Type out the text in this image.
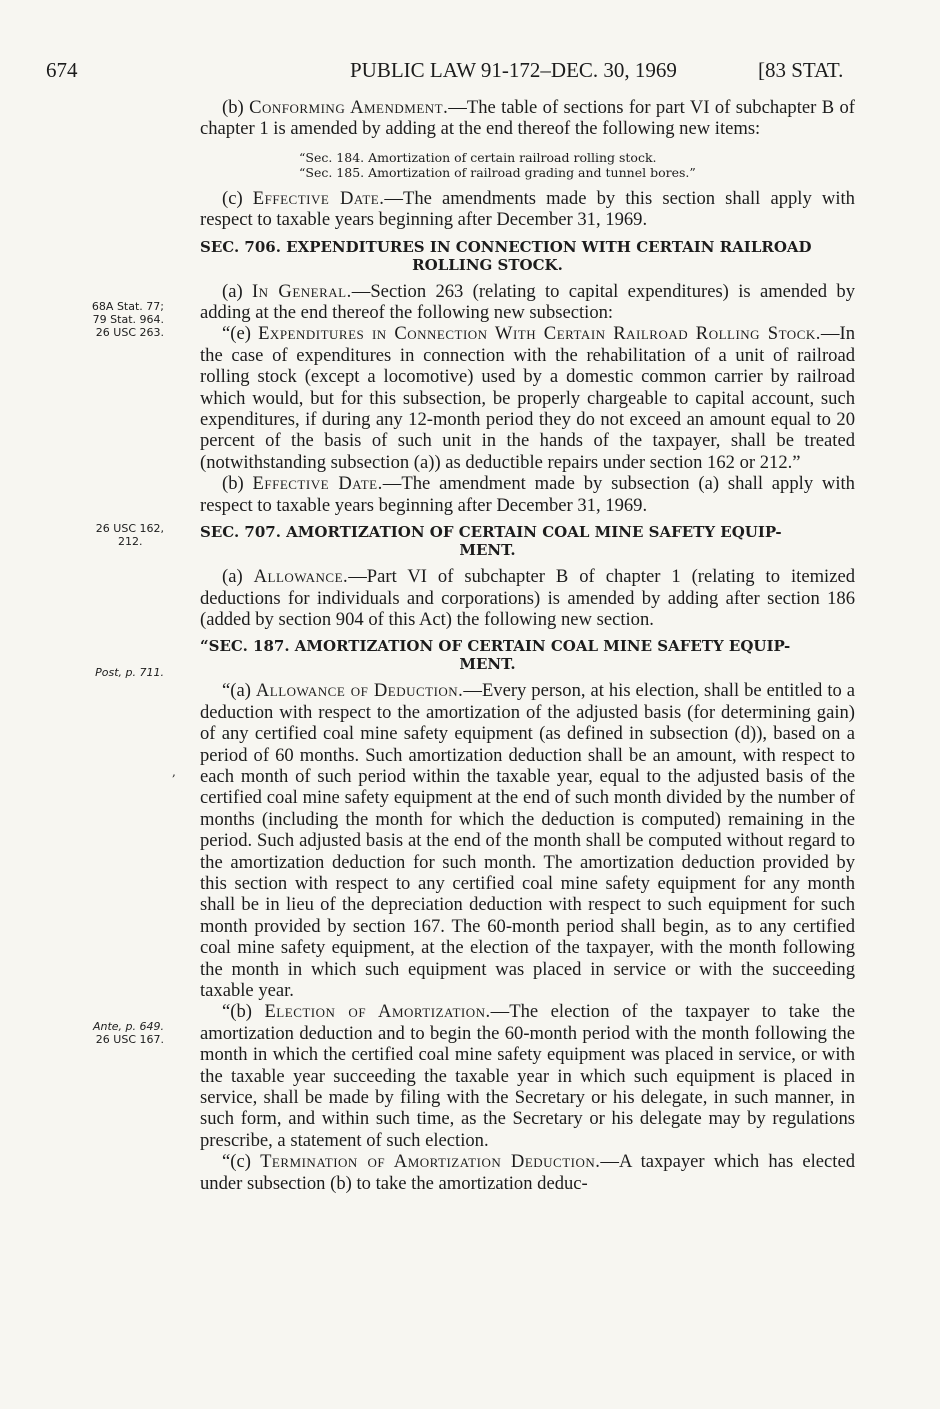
674	PUBLIC LAW 91-172–DEC. 30, 1969	[83 STAT.
68A Stat. 77;
79 Stat. 964.
26 USC 263.
26 USC 162,
212.
Post, p. 711.
Ante, p. 649.
26 USC 167.
,

(b) Conforming Amendment.—The table of sections for part VI of subchapter B of chapter 1 is amended by adding at the end thereof the following new items:

“Sec. 184. Amortization of certain railroad rolling stock.
“Sec. 185. Amortization of railroad grading and tunnel bores.”

(c) Effective Date.—The amendments made by this section shall apply with respect to taxable years beginning after December 31, 1969.

SEC. 706. EXPENDITURES IN CONNECTION WITH CERTAIN RAILROAD
ROLLING STOCK.

(a) In General.—Section 263 (relating to capital expenditures) is amended by adding at the end thereof the following new subsection:

“(e) Expenditures in Connection With Certain Railroad Rolling Stock.—In the case of expenditures in connection with the rehabilitation of a unit of railroad rolling stock (except a locomotive) used by a domestic common carrier by railroad which would, but for this subsection, be properly chargeable to capital account, such expenditures, if during any 12-month period they do not exceed an amount equal to 20 percent of the basis of such unit in the hands of the taxpayer, shall be treated (notwithstanding subsection (a)) as deductible repairs under section 162 or 212.”

(b) Effective Date.—The amendment made by subsection (a) shall apply with respect to taxable years beginning after December 31, 1969.

SEC. 707. AMORTIZATION OF CERTAIN COAL MINE SAFETY EQUIP-
MENT.

(a) Allowance.—Part VI of subchapter B of chapter 1 (relating to itemized deductions for individuals and corporations) is amended by adding after section 186 (added by section 904 of this Act) the following new section.

“SEC. 187. AMORTIZATION OF CERTAIN COAL MINE SAFETY EQUIP-
MENT.

“(a) Allowance of Deduction.—Every person, at his election, shall be entitled to a deduction with respect to the amortization of the adjusted basis (for determining gain) of any certified coal mine safety equipment (as defined in subsection (d)), based on a period of 60 months. Such amortization deduction shall be an amount, with respect to each month of such period within the taxable year, equal to the adjusted basis of the certified coal mine safety equipment at the end of such month divided by the number of months (including the month for which the deduction is computed) remaining in the period. Such adjusted basis at the end of the month shall be computed without regard to the amortization deduction for such month. The amortization deduction provided by this section with respect to any certified coal mine safety equipment for any month shall be in lieu of the depreciation deduction with respect to such equipment for such month provided by section 167. The 60-month period shall begin, as to any certified coal mine safety equipment, at the election of the taxpayer, with the month following the month in which such equipment was placed in service or with the succeeding taxable year.

“(b) Election of Amortization.—The election of the taxpayer to take the amortization deduction and to begin the 60-month period with the month following the month in which the certified coal mine safety equipment was placed in service, or with the taxable year succeeding the taxable year in which such equipment is placed in service, shall be made by filing with the Secretary or his delegate, in such manner, in such form, and within such time, as the Secretary or his delegate may by regulations prescribe, a statement of such election.

“(c) Termination of Amortization Deduction.—A taxpayer which has elected under subsection (b) to take the amortization deduc-
